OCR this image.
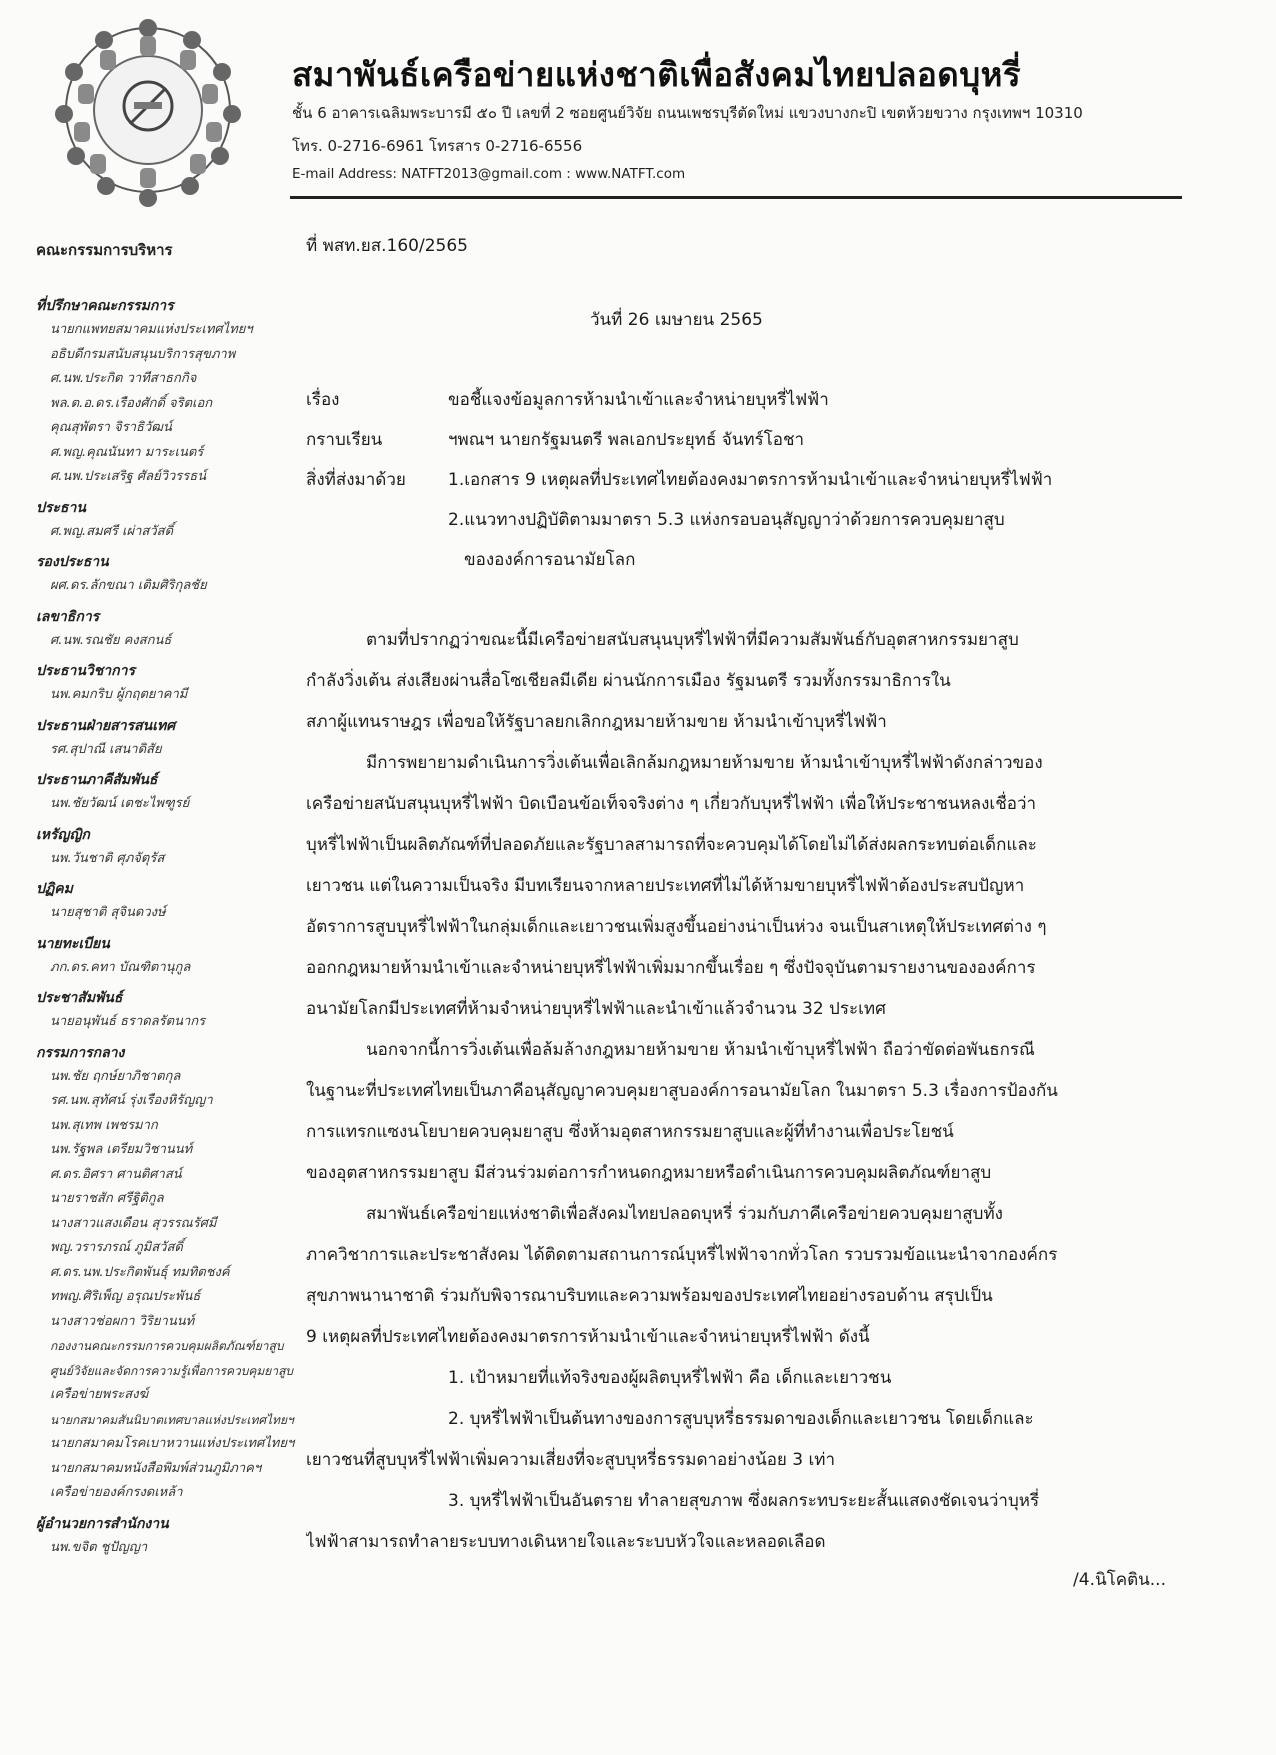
สมาพันธ์เครือข่ายแห่งชาติเพื่อสังคมไทยปลอดบุหรี่
ชั้น 6 อาคารเฉลิมพระบารมี ๕๐ ปี เลขที่ 2 ซอยศูนย์วิจัย ถนนเพชรบุรีตัดใหม่ แขวงบางกะปิ เขตห้วยขวาง กรุงเทพฯ 10310
โทร. 0-2716-6961 โทรสาร 0-2716-6556
E-mail Address: NATFT2013@gmail.com : www.NATFT.com
คณะกรรมการบริหาร
ที่ปรึกษาคณะกรรมการ
นายกแพทยสมาคมแห่งประเทศไทยฯ
อธิบดีกรมสนับสนุนบริการสุขภาพ
ศ.นพ.ประกิต วาทีสาธกกิจ
พล.ต.อ.ดร.เรืองศักดิ์ จริตเอก
คุณสุพัตรา จิราธิวัฒน์
ศ.พญ.คุณนันทา มาระเนตร์
ศ.นพ.ประเสริฐ ศัลย์วิวรรธน์
ประธาน
ศ.พญ.สมศรี เผ่าสวัสดิ์
รองประธาน
ผศ.ดร.ลักขณา เติมศิริกุลชัย
เลขาธิการ
ศ.นพ.รณชัย คงสกนธ์
ประธานวิชาการ
นพ.คมกริบ ผู้กฤตยาคามี
ประธานฝ่ายสารสนเทศ
รศ.สุปาณี เสนาดิสัย
ประธานภาคีสัมพันธ์
นพ.ชัยวัฒน์ เตชะไพฑูรย์
เหรัญญิก
นพ.วันชาติ ศุภจัตุรัส
ปฏิคม
นายสุชาติ สุจินดวงษ์
นายทะเบียน
ภก.ดร.คทา บัณฑิตานุกูล
ประชาสัมพันธ์
นายอนุพันธ์ ธราดลรัตนากร
กรรมการกลาง
นพ.ชัย ฤกษ์ยาภิชาตกุล
รศ.นพ.สุทัศน์ รุ่งเรืองหิรัญญา
นพ.สุเทพ เพชรมาก
นพ.รัฐพล เตรียมวิชานนท์
ศ.ดร.อิศรา ศานติศาสน์
นายราชสัก ศรีฐิติกูล
นางสาวแสงเดือน สุวรรณรัศมี
พญ.วรารภรณ์ ภูมิสวัสดิ์
ศ.ดร.นพ.ประกิตพันธุ์ ทมทิตชงค์
ทพญ.ศิริเพ็ญ อรุณประพันธ์
นางสาวช่อผกา วิริยานนท์
กองงานคณะกรรมการควบคุมผลิตภัณฑ์ยาสูบ
ศูนย์วิจัยและจัดการความรู้เพื่อการควบคุมยาสูบ
เครือข่ายพระสงฆ์
นายกสมาคมสันนิบาตเทศบาลแห่งประเทศไทยฯ
นายกสมาคมโรคเบาหวานแห่งประเทศไทยฯ
นายกสมาคมหนังสือพิมพ์ส่วนภูมิภาคฯ
เครือข่ายองค์กรงดเหล้า
ผู้อำนวยการสำนักงาน
นพ.ขจิต ชูปัญญา
ที่ พสท.ยส.160/2565
วันที่ 26 เมษายน 2565
เรื่อง	ขอชี้แจงข้อมูลการห้ามนำเข้าและจำหน่ายบุหรี่ไฟฟ้า
กราบเรียน	ฯพณฯ นายกรัฐมนตรี พลเอกประยุทธ์ จันทร์โอชา
สิ่งที่ส่งมาด้วย	1.เอกสาร 9 เหตุผลที่ประเทศไทยต้องคงมาตรการห้ามนำเข้าและจำหน่ายบุหรี่ไฟฟ้า
2.แนวทางปฏิบัติตามมาตรา 5.3 แห่งกรอบอนุสัญญาว่าด้วยการควบคุมยาสูบ
ขององค์การอนามัยโลก
ตามที่ปรากฏว่าขณะนี้มีเครือข่ายสนับสนุนบุหรี่ไฟฟ้าที่มีความสัมพันธ์กับอุตสาหกรรมยาสูบ
กำลังวิ่งเต้น ส่งเสียงผ่านสื่อโซเชียลมีเดีย ผ่านนักการเมือง รัฐมนตรี รวมทั้งกรรมาธิการใน
สภาผู้แทนราษฎร เพื่อขอให้รัฐบาลยกเลิกกฎหมายห้ามขาย ห้ามนำเข้าบุหรี่ไฟฟ้า
มีการพยายามดำเนินการวิ่งเต้นเพื่อเลิกล้มกฎหมายห้ามขาย ห้ามนำเข้าบุหรี่ไฟฟ้าดังกล่าวของ
เครือข่ายสนับสนุนบุหรี่ไฟฟ้า บิดเบือนข้อเท็จจริงต่าง ๆ เกี่ยวกับบุหรี่ไฟฟ้า เพื่อให้ประชาชนหลงเชื่อว่า
บุหรี่ไฟฟ้าเป็นผลิตภัณฑ์ที่ปลอดภัยและรัฐบาลสามารถที่จะควบคุมได้โดยไม่ได้ส่งผลกระทบต่อเด็กและ
เยาวชน แต่ในความเป็นจริง มีบทเรียนจากหลายประเทศที่ไม่ได้ห้ามขายบุหรี่ไฟฟ้าต้องประสบปัญหา
อัตราการสูบบุหรี่ไฟฟ้าในกลุ่มเด็กและเยาวชนเพิ่มสูงขึ้นอย่างน่าเป็นห่วง จนเป็นสาเหตุให้ประเทศต่าง ๆ
ออกกฎหมายห้ามนำเข้าและจำหน่ายบุหรี่ไฟฟ้าเพิ่มมากขึ้นเรื่อย ๆ ซึ่งปัจจุบันตามรายงานขององค์การ
อนามัยโลกมีประเทศที่ห้ามจำหน่ายบุหรี่ไฟฟ้าและนำเข้าแล้วจำนวน 32 ประเทศ
นอกจากนี้การวิ่งเต้นเพื่อล้มล้างกฎหมายห้ามขาย ห้ามนำเข้าบุหรี่ไฟฟ้า ถือว่าขัดต่อพันธกรณี
ในฐานะที่ประเทศไทยเป็นภาคีอนุสัญญาควบคุมยาสูบองค์การอนามัยโลก ในมาตรา 5.3 เรื่องการป้องกัน
การแทรกแซงนโยบายควบคุมยาสูบ ซึ่งห้ามอุตสาหกรรมยาสูบและผู้ที่ทำงานเพื่อประโยชน์
ของอุตสาหกรรมยาสูบ มีส่วนร่วมต่อการกำหนดกฎหมายหรือดำเนินการควบคุมผลิตภัณฑ์ยาสูบ
สมาพันธ์เครือข่ายแห่งชาติเพื่อสังคมไทยปลอดบุหรี่ ร่วมกับภาคีเครือข่ายควบคุมยาสูบทั้ง
ภาควิชาการและประชาสังคม ได้ติดตามสถานการณ์บุหรี่ไฟฟ้าจากทั่วโลก รวบรวมข้อแนะนำจากองค์กร
สุขภาพนานาชาติ ร่วมกับพิจารณาบริบทและความพร้อมของประเทศไทยอย่างรอบด้าน สรุปเป็น
9 เหตุผลที่ประเทศไทยต้องคงมาตรการห้ามนำเข้าและจำหน่ายบุหรี่ไฟฟ้า ดังนี้
1. เป้าหมายที่แท้จริงของผู้ผลิตบุหรี่ไฟฟ้า คือ เด็กและเยาวชน
2. บุหรี่ไฟฟ้าเป็นต้นทางของการสูบบุหรี่ธรรมดาของเด็กและเยาวชน โดยเด็กและ
เยาวชนที่สูบบุหรี่ไฟฟ้าเพิ่มความเสี่ยงที่จะสูบบุหรี่ธรรมดาอย่างน้อย 3 เท่า
3. บุหรี่ไฟฟ้าเป็นอันตราย ทำลายสุขภาพ ซึ่งผลกระทบระยะสั้นแสดงชัดเจนว่าบุหรี่
ไฟฟ้าสามารถทำลายระบบทางเดินหายใจและระบบหัวใจและหลอดเลือด
/4.นิโคติน...
